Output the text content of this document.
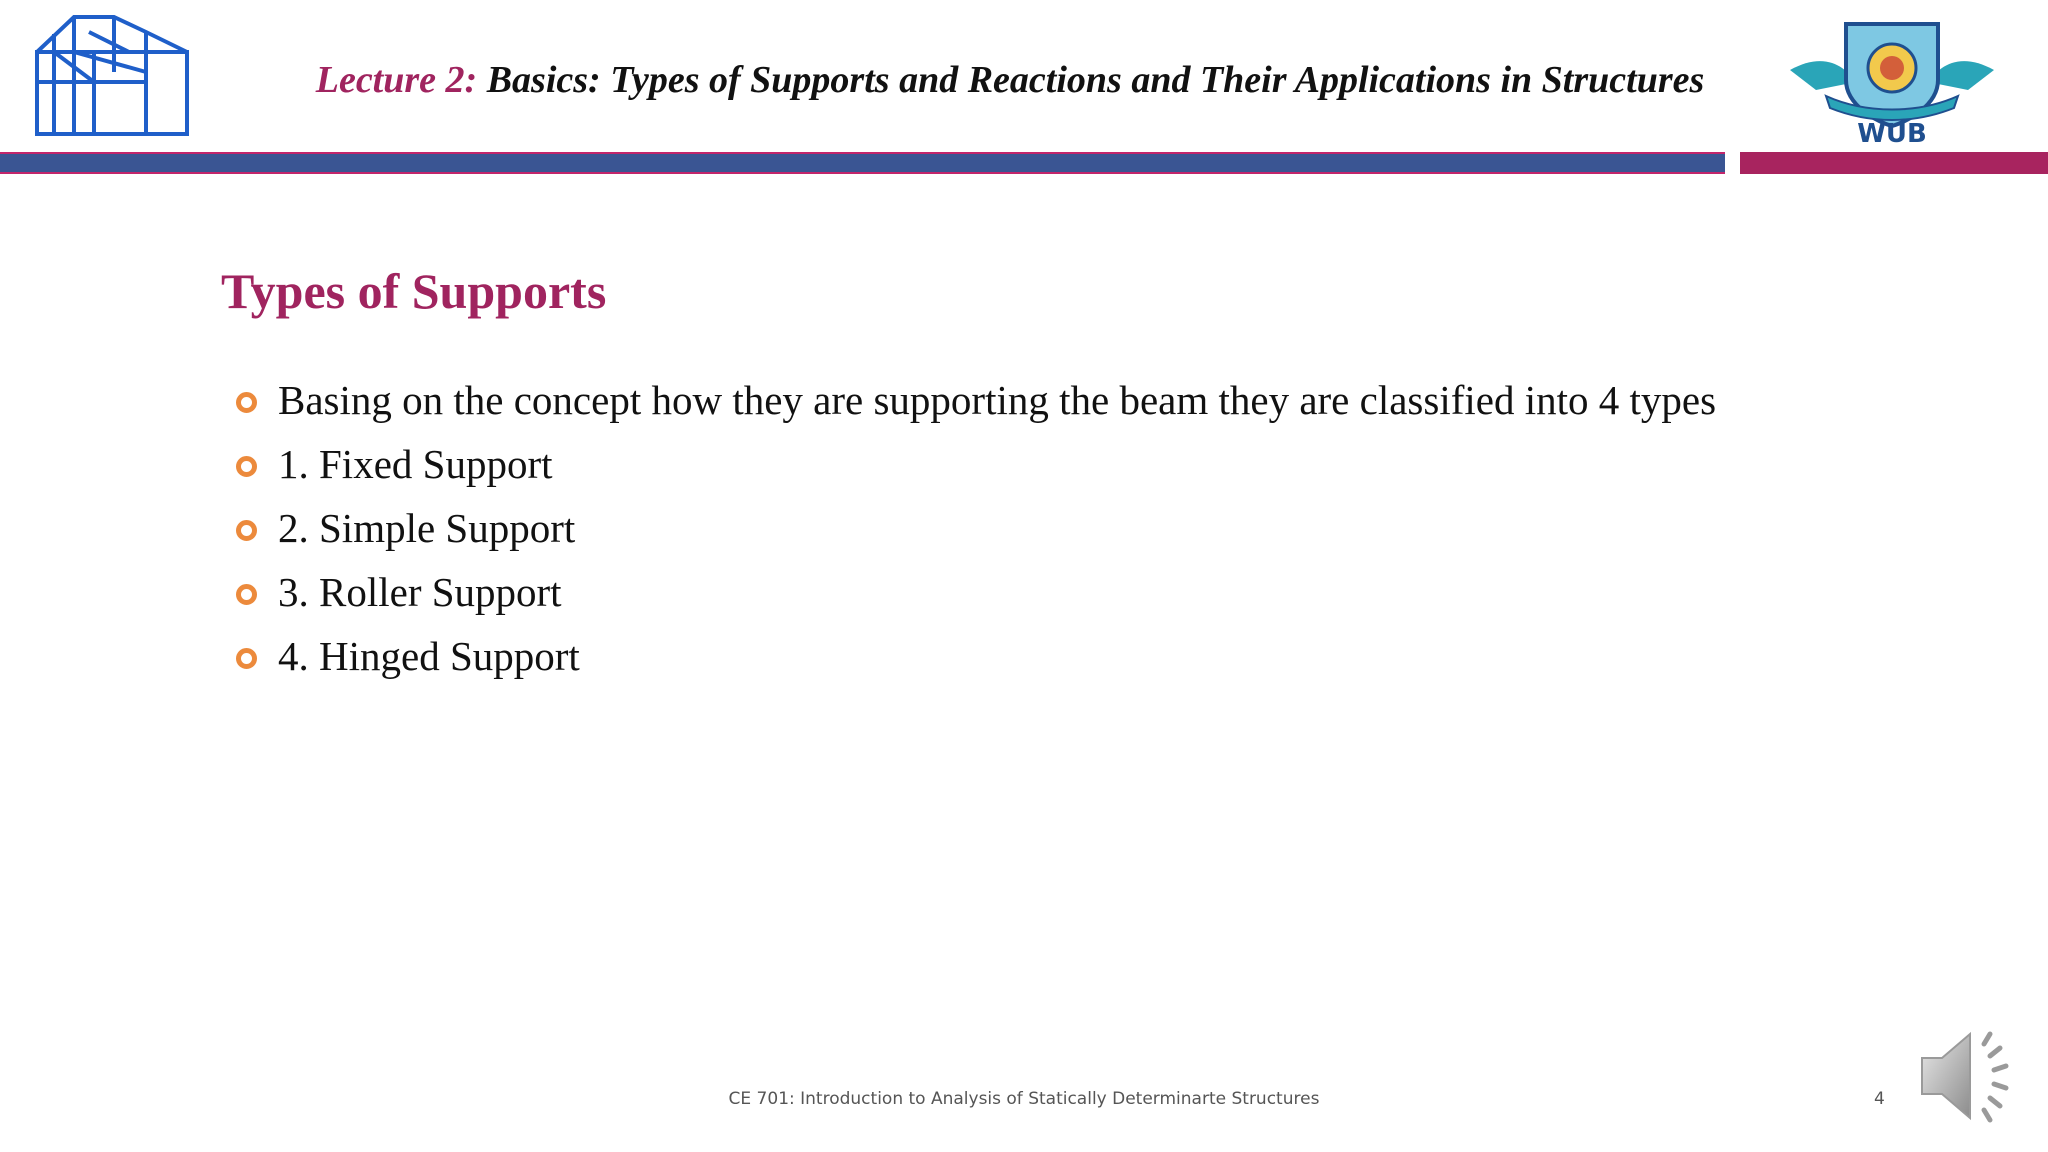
Lecture 2: Basics: Types of Supports and Reactions and Their Applications in Structures
WUB
Types of Supports
Basing on the concept how they are supporting the beam they are classified into 4 types
1. Fixed Support
2. Simple Support
3. Roller Support
4. Hinged Support
CE 701: Introduction to Analysis of Statically Determinarte Structures	4
